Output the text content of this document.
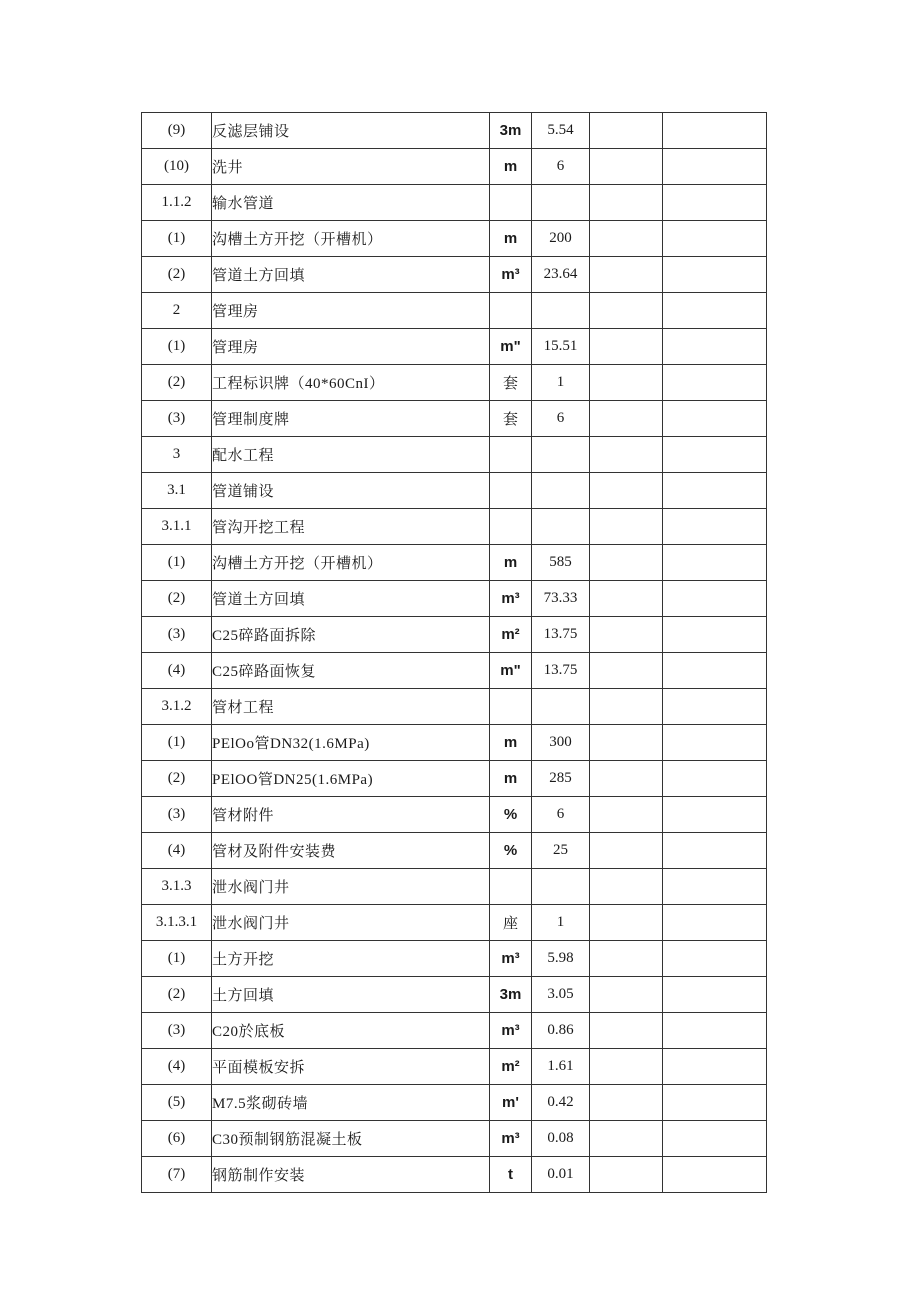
(9)	反滤层铺设	3m	5.54		
(10)	洗井	m	6		
1.1.2	输水管道				
(1)	沟槽土方开挖（开槽机）	m	200		
(2)	管道土方回填	m³	23.64		
2	管理房				
(1)	管理房	m"	15.51		
(2)	工程标识牌（40*60CnI）	套	1		
(3)	管理制度牌	套	6		
3	配水工程				
3.1	管道铺设				
3.1.1	管沟开挖工程				
(1)	沟槽土方开挖（开槽机）	m	585		
(2)	管道土方回填	m³	73.33		
(3)	C25碎路面拆除	m²	13.75		
(4)	C25碎路面恢复	m"	13.75		
3.1.2	管材工程				
(1)	PElOo管DN32(1.6MPa)	m	300		
(2)	PElOO管DN25(1.6MPa)	m	285		
(3)	管材附件	%	6		
(4)	管材及附件安装费	%	25		
3.1.3	泄水阀门井				
3.1.3.1	泄水阀门井	座	1		
(1)	土方开挖	m³	5.98		
(2)	土方回填	3m	3.05		
(3)	C20於底板	m³	0.86		
(4)	平面模板安拆	m²	1.61		
(5)	M7.5浆砌砖墙	m'	0.42		
(6)	C30预制钢筋混凝土板	m³	0.08		
(7)	钢筋制作安装	t	0.01		
